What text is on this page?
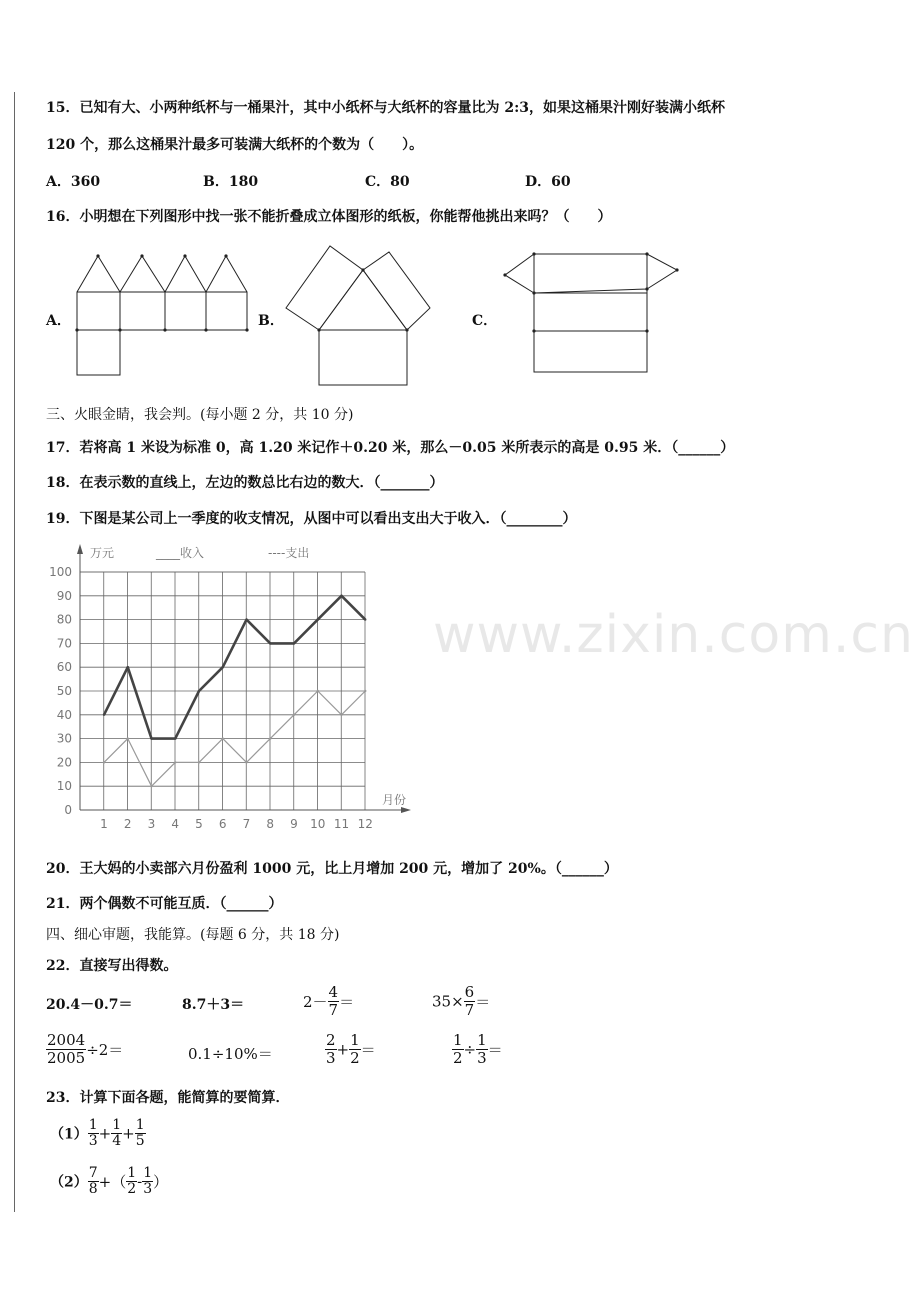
15．已知有大、小两种纸杯与一桶果汁，其中小纸杯与大纸杯的容量比为 2:3，如果这桶果汁刚好装满小纸杯
120 个，那么这桶果汁最多可装满大纸杯的个数为（　　）。
A．360	B．180	C．80	D．60
16．小明想在下列图形中找一张不能折叠成立体图形的纸板，你能帮他挑出来吗？（　　）
A．	B．	C．
三、火眼金睛，我会判。(每小题 2 分，共 10 分)
17．若将高 1 米设为标准 0，高 1.20 米记作＋0.20 米，那么－0.05 米所表示的高是 0.95 米．（______）
18．在表示数的直线上，左边的数总比右边的数大．（_______）
19．下图是某公司上一季度的收支情况，从图中可以看出支出大于收入．（________）
0
10
20
30
40
50
60
70
80
90
100
1 2 3 4 5 6 7 8 9 10 11 12
万元
月份
____收入	----支出
www.zixin.com.cn
20．王大妈的小卖部六月份盈利 1000 元，比上月增加 200 元，增加了 20%。（______）
21．两个偶数不可能互质．（______）
四、细心审题，我能算。(每题 6 分，共 18 分)
22．直接写出得数。
20.4－0.7＝	8.7＋3＝	$2- \frac{4}{7}$ ＝	$35\times \frac{6}{7}$ ＝
$\frac{2004}{2005} \div 2=$	0.1÷10%＝	$\frac{2}{3} + \frac{1}{2}$ ＝	$\frac{1}{2} \div \frac{1}{3}$ ＝
23．计算下面各题，能简算的要简算．
$(1) \frac{1}{3} + \frac{1}{4} + \frac{1}{5}$
$(2) \frac{7}{8}$ +（ $\frac{1}{2} - \frac{1}{3}$ ）
